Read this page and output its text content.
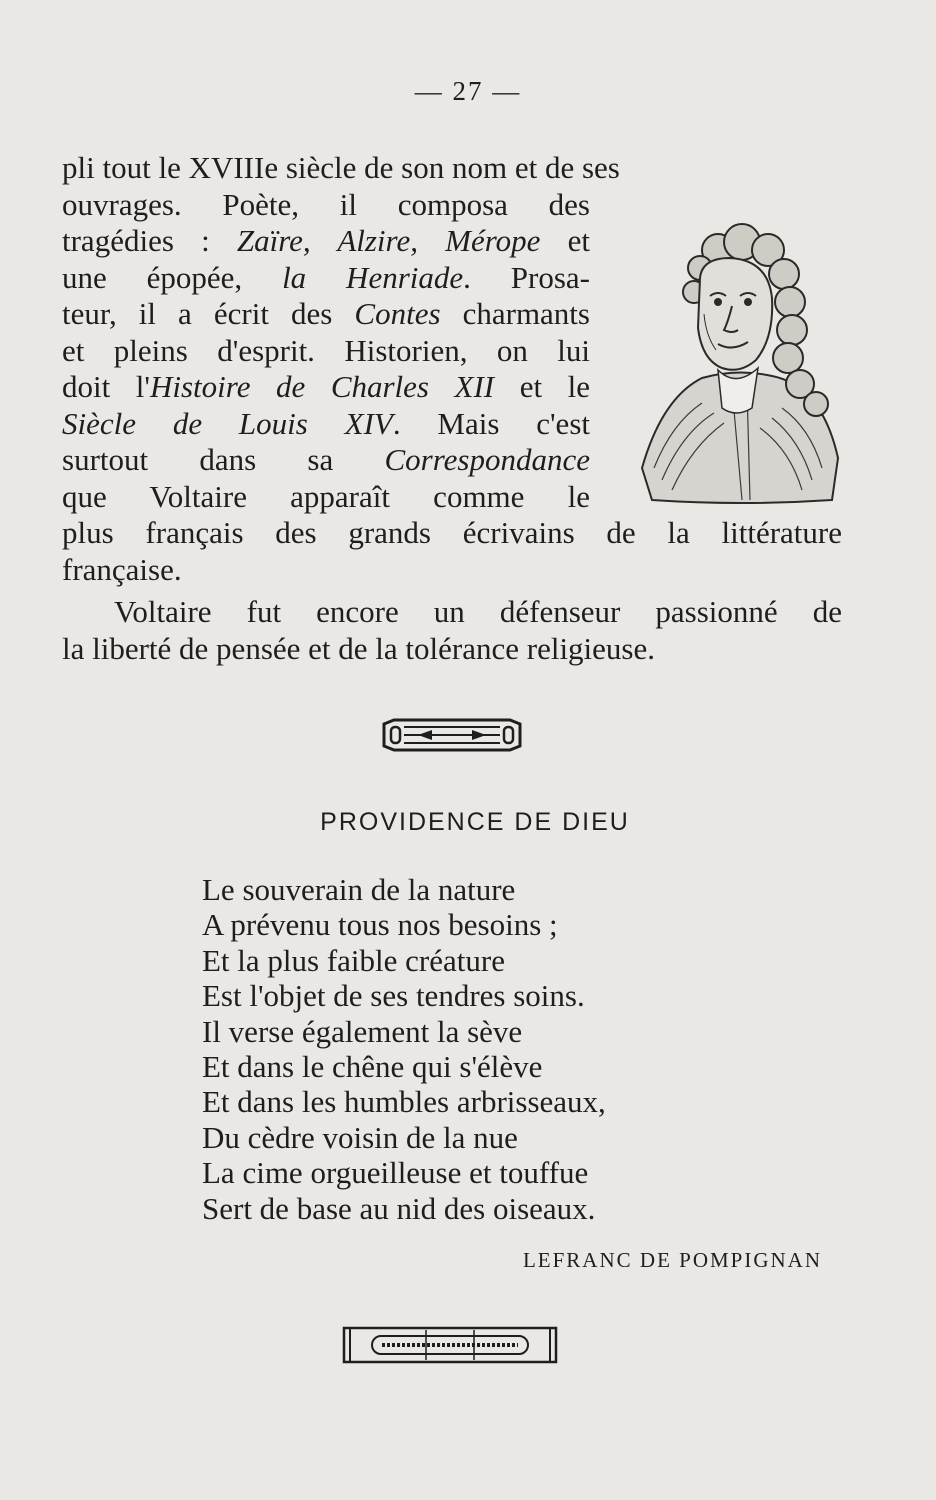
— 27 —
pli tout le XVIIIe siècle de son nom et de ses
ouvrages. Poète, il composa des
tragédies : Zaïre, Alzire, Mérope et
une épopée, la Henriade. Prosa-
teur, il a écrit des Contes charmants
et pleins d'esprit. Historien, on lui
doit l'Histoire de Charles XII et le
Siècle de Louis XIV. Mais c'est
surtout dans sa Correspondance
que Voltaire apparaît comme le
plus français des grands écrivains de la littérature
française.
Voltaire fut encore un défenseur passionné de
la liberté de pensée et de la tolérance religieuse.
PROVIDENCE DE DIEU
Le souverain de la nature
A prévenu tous nos besoins ;
Et la plus faible créature
Est l'objet de ses tendres soins.
Il verse également la sève
Et dans le chêne qui s'élève
Et dans les humbles arbrisseaux,
Du cèdre voisin de la nue
La cime orgueilleuse et touffue
Sert de base au nid des oiseaux.
LEFRANC DE POMPIGNAN
